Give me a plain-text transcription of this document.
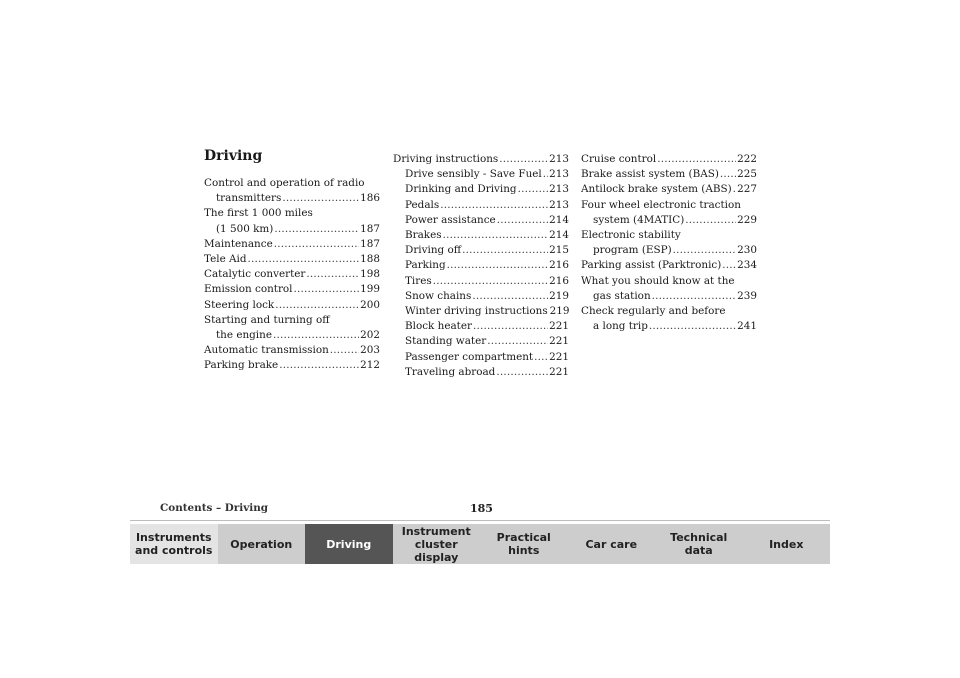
Driving
Control and operation of radio
transmitters .....	186
The first 1 000 miles
(1 500 km) .....	187
Maintenance .....	187
Tele Aid .....	188
Catalytic converter .....	198
Emission control .....	199
Steering lock .....	200
Starting and turning off
the engine .....	202
Automatic transmission .....	203
Parking brake .....	212
Driving instructions .....	213
Drive sensibly - Save Fuel ..... 213
Drinking and Driving .....	213
Pedals .....	213
Power assistance .....	214
Brakes .....	214
Driving off .....	215
Parking .....	216
Tires .....	216
Snow chains .....	219
Winter driving instructions 219
Block heater .....	221
Standing water .....	221
Passenger compartment ..... 221
Traveling abroad .....	221
Cruise control .....	222
Brake assist system (BAS) ..... 225
Antilock brake system (ABS) ..... 227
Four wheel electronic traction
system (4MATIC) .....	229
Electronic stability
program (ESP) .....	230
Parking assist (Parktronic) ..... 234
What you should know at the
gas station .....	239
Check regularly and before
a long trip .....	241
Contents – Driving	185
Instruments
and controls	Operation	Driving
Instrument
cluster display
Practical hints	Car care	Technical
data	Index
